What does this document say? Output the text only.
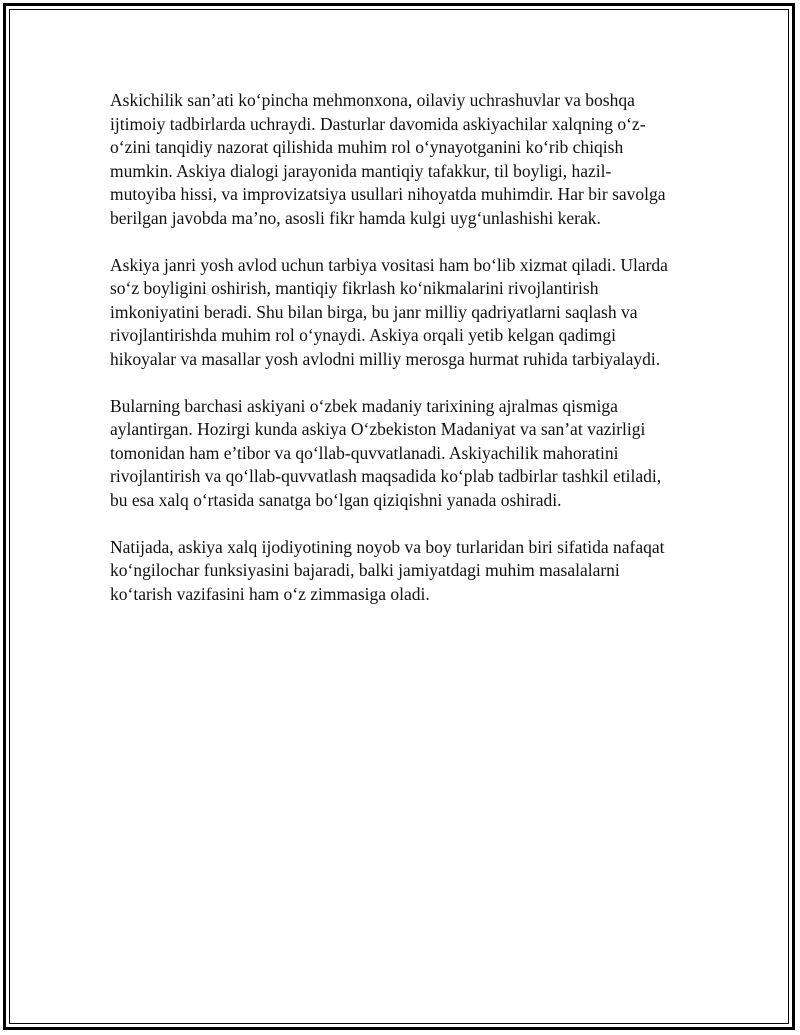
Askichilik san’ati koʻpincha mehmonxona, oilaviy uchrashuvlar va boshqa ijtimoiy tadbirlarda uchraydi. Dasturlar davomida askiyachilar xalqning oʻz-oʻzini tanqidiy nazorat qilishida muhim rol oʻynayotganini koʻrib chiqish mumkin. Askiya dialogi jarayonida mantiqiy tafakkur, til boyligi, hazil-mutoyiba hissi, va improvizatsiya usullari nihoyatda muhimdir. Har bir savolga berilgan javobda ma’no, asosli fikr hamda kulgi uygʻunlashishi kerak.

Askiya janri yosh avlod uchun tarbiya vositasi ham boʻlib xizmat qiladi. Ularda soʻz boyligini oshirish, mantiqiy fikrlash koʻnikmalarini rivojlantirish imkoniyatini beradi. Shu bilan birga, bu janr milliy qadriyatlarni saqlash va rivojlantirishda muhim rol oʻynaydi. Askiya orqali yetib kelgan qadimgi hikoyalar va masallar yosh avlodni milliy merosga hurmat ruhida tarbiyalaydi.

Bularning barchasi askiyani oʻzbek madaniy tarixining ajralmas qismiga aylantirgan. Hozirgi kunda askiya Oʻzbekiston Madaniyat va san’at vazirligi tomonidan ham e’tibor va qoʻllab-quvvatlanadi. Askiyachilik mahoratini rivojlantirish va qoʻllab-quvvatlash maqsadida koʻplab tadbirlar tashkil etiladi, bu esa xalq oʻrtasida sanatga boʻlgan qiziqishni yanada oshiradi.

Natijada, askiya xalq ijodiyotining noyob va boy turlaridan biri sifatida nafaqat koʻngilochar funksiyasini bajaradi, balki jamiyatdagi muhim masalalarni koʻtarish vazifasini ham oʻz zimmasiga oladi.
